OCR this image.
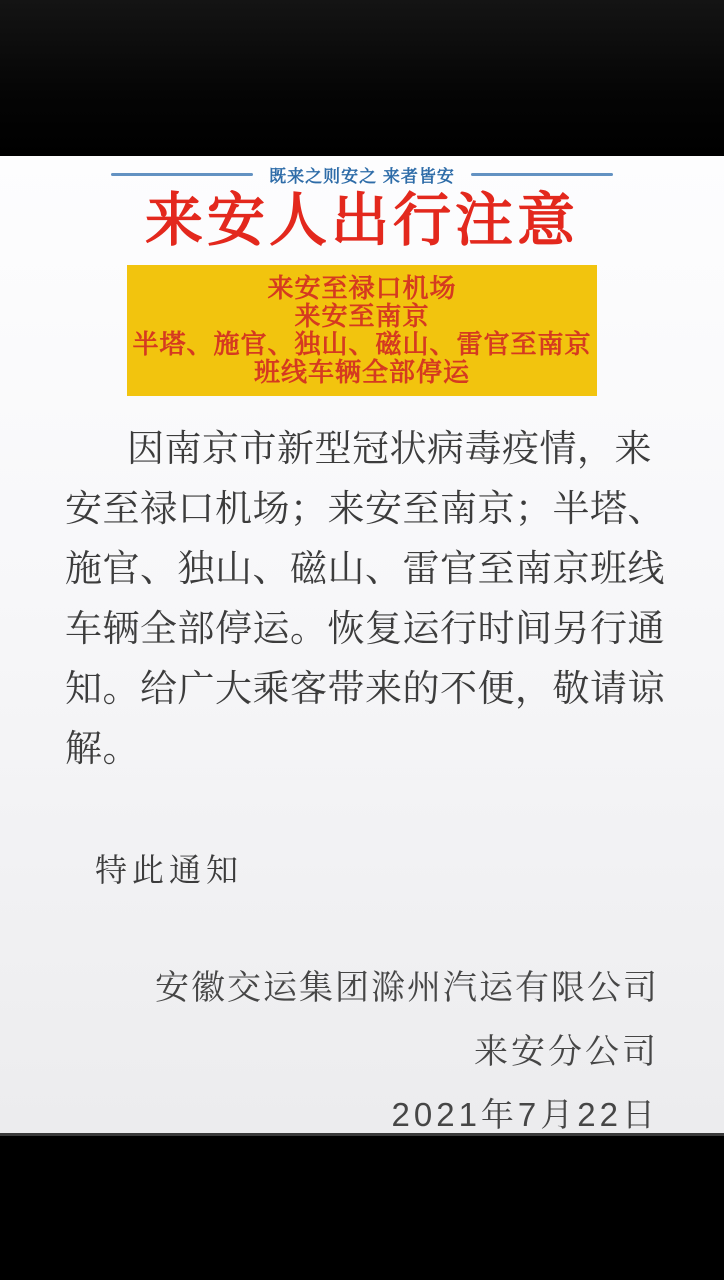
既来之则安之 来者皆安
来安人出行注意
来安至禄口机场
来安至南京
半塔、施官、独山、磁山、雷官至南京
班线车辆全部停运
因南京市新型冠状病毒疫情，来
安至禄口机场；来安至南京；半塔、
施官、独山、磁山、雷官至南京班线
车辆全部停运。恢复运行时间另行通
知。给广大乘客带来的不便，敬请谅
解。
特此通知
安徽交运集团滁州汽运有限公司
来安分公司
2021年7月22日
